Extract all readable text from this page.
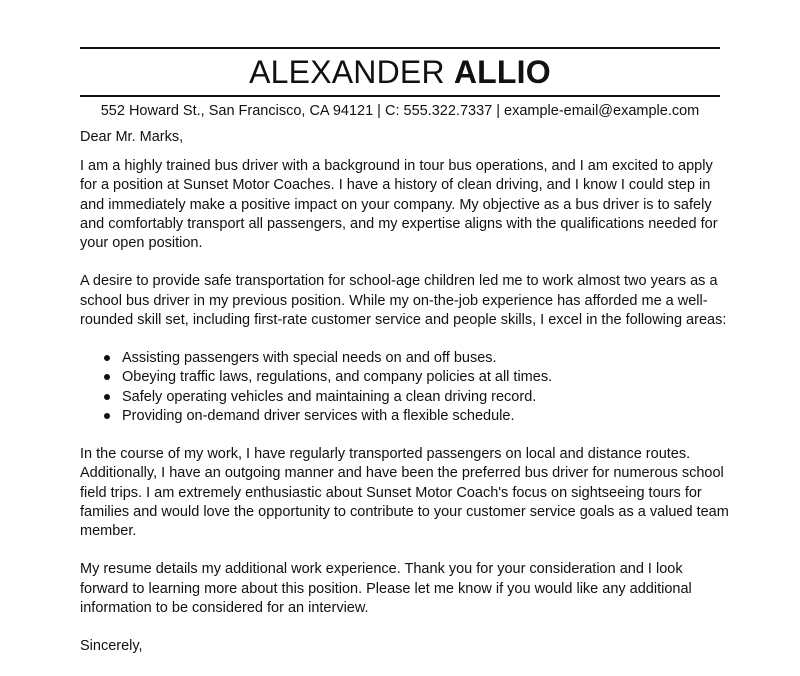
ALEXANDER ALLIO
552 Howard St., San Francisco, CA 94121 | C: 555.322.7337 | example-email@example.com

Dear Mr. Marks,

I am a highly trained bus driver with a background in tour bus operations, and I am excited to apply for a position at Sunset Motor Coaches. I have a history of clean driving, and I know I could step in and immediately make a positive impact on your company. My objective as a bus driver is to safely and comfortably transport all passengers, and my expertise aligns with the qualifications needed for your open position.

A desire to provide safe transportation for school-age children led me to work almost two years as a school bus driver in my previous position. While my on-the-job experience has afforded me a well-rounded skill set, including first-rate customer service and people skills, I excel in the following areas:

Assisting passengers with special needs on and off buses.
Obeying traffic laws, regulations, and company policies at all times.
Safely operating vehicles and maintaining a clean driving record.
Providing on-demand driver services with a flexible schedule.

In the course of my work, I have regularly transported passengers on local and distance routes. Additionally, I have an outgoing manner and have been the preferred bus driver for numerous school field trips. I am extremely enthusiastic about Sunset Motor Coach's focus on sightseeing tours for families and would love the opportunity to contribute to your customer service goals as a valued team member.

My resume details my additional work experience. Thank you for your consideration and I look forward to learning more about this position. Please let me know if you would like any additional information to be considered for an interview.

Sincerely,
